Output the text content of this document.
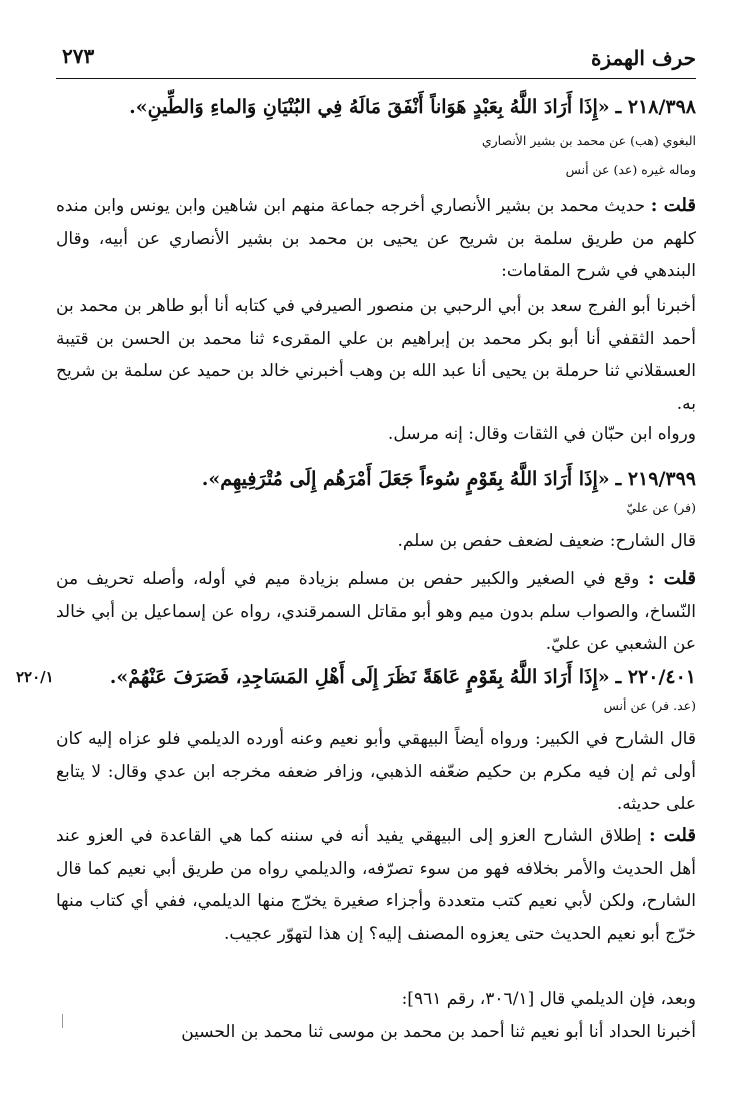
حرف الهمزة
٢٧٣
٢١٨/٣٩٨ ـ«إِذَا أَرَادَ اللَّهُ بِعَبْدٍ هَوَاناً أَنْفَقَ مَالَهُ فِي البُنْيَانِ وَالماءِ وَالطِّينِ».
البغوي (هب) عن محمد بن بشير الأنصاري
وماله غيره (عد) عن أنس

قلت : حديث محمد بن بشير الأنصاري أخرجه جماعة منهم ابن شاهين وابن يونس وابن منده كلهم من طريق سلمة بن شريح عن يحيى بن محمد بن بشير الأنصاري عن أبيه، وقال البندهي في شرح المقامات:

أخبرنا أبو الفرج سعد بن أبي الرحبي بن منصور الصيرفي في كتابه أنا أبو طاهر بن محمد بن أحمد الثقفي أنا أبو بكر محمد بن إبراهيم بن علي المقرىء ثنا محمد بن الحسن بن قتيبة العسقلاني ثنا حرملة بن يحيى أنا عبد الله بن وهب أخبرني خالد بن حميد عن سلمة بن شريح به.

ورواه ابن حبّان في الثقات وقال: إنه مرسل.

٢١٩/٣٩٩ ـ«إِذَا أَرَادَ اللَّهُ بِقَوْمٍ سُوءاً جَعَلَ أَمْرَهُم إِلَى مُتْرَفِيهِم».
(فر) عن عليّ

قال الشارح: ضعيف لضعف حفص بن سلم.

قلت : وقع في الصغير والكبير حفص بن مسلم بزيادة ميم في أوله، وأصله تحريف من النّساخ، والصواب سلم بدون ميم وهو أبو مقاتل السمرقندي، رواه عن إسماعيل بن أبي خالد عن الشعبي عن عليّ.

٢٢٠/١	٢٢٠/٤٠١ ـ«إِذَا أَرَادَ اللَّهُ بِقَوْمٍ عَاهَةً نَظَرَ إِلَى أَهْلِ المَسَاجِدِ، فَصَرَفَ عَنْهُمْ».
(عد. فر) عن أنس

قال الشارح في الكبير: ورواه أيضاً البيهقي وأبو نعيم وعنه أورده الديلمي فلو عزاه إليه كان أولى ثم إن فيه مكرم بن حكيم ضعّفه الذهبي، وزافر ضعفه مخرجه ابن عدي وقال: لا يتابع على حديثه.

قلت : إطلاق الشارح العزو إلى البيهقي يفيد أنه في سننه كما هي القاعدة في العزو عند أهل الحديث والأمر بخلافه فهو من سوء تصرّفه، والديلمي رواه من طريق أبي نعيم كما قال الشارح، ولكن لأبي نعيم كتب متعددة وأجزاء صغيرة يخرّج منها الديلمي، ففي أي كتاب منها خرّج أبو نعيم الحديث حتى يعزوه المصنف إليه؟ إن هذا لتهوّر عجيب.

وبعد، فإن الديلمي قال [٣٠٦/١، رقم ٩٦١]:

أخبرنا الحداد أنا أبو نعيم ثنا أحمد بن محمد بن موسى ثنا محمد بن الحسين
